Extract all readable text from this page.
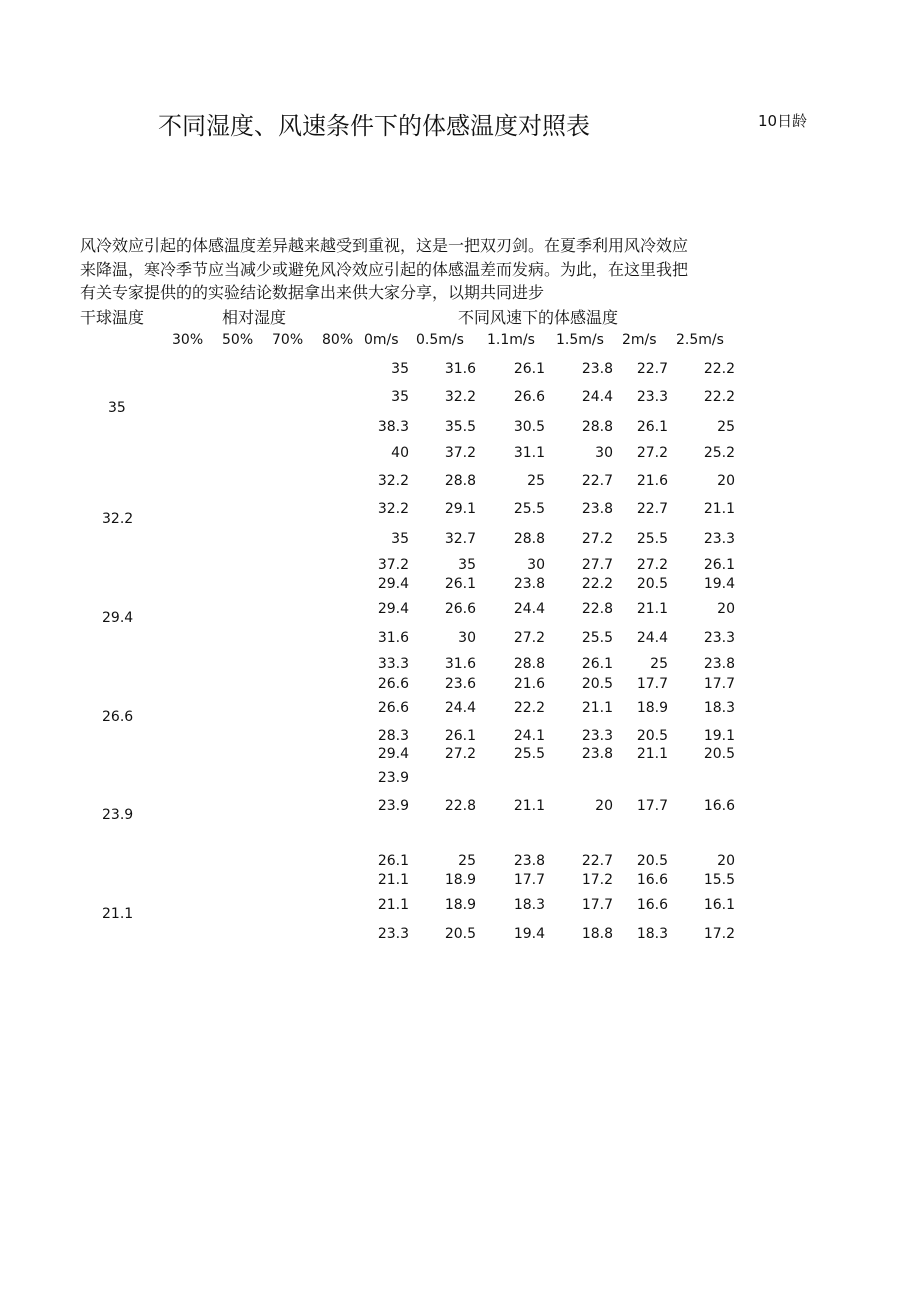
不同湿度、风速条件下的体感温度对照表	10日龄
风冷效应引起的体感温度差异越来越受到重视，这是一把双刃剑。在夏季利用风冷效应
来降温，寒冷季节应当减少或避免风冷效应引起的体感温差而发病。为此，在这里我把
有关专家提供的的实验结论数据拿出来供大家分享，以期共同进步
干球温度	相对湿度	不同风速下的体感温度
30% 50% 70% 80% 0m/s 0.5m/s 1.1m/s 1.5m/s 2m/s 2.5m/s
35
35	31.6	26.1	23.8	22.7	22.2
35	32.2	26.6	24.4	23.3	22.2
38.3	35.5	30.5	28.8	26.1	25
40	37.2	31.1	30	27.2	25.2
32.2
32.2	28.8	25	22.7	21.6	20
32.2	29.1	25.5	23.8	22.7	21.1
35	32.7	28.8	27.2	25.5	23.3
37.2	35	30	27.7	27.2	26.1
29.4
29.4	26.1	23.8	22.2	20.5	19.4
29.4	26.6	24.4	22.8	21.1	20
31.6	30	27.2	25.5	24.4	23.3
33.3	31.6	28.8	26.1	25	23.8
26.6
26.6	23.6	21.6	20.5	17.7	17.7
26.6	24.4	22.2	21.1	18.9	18.3
28.3	26.1	24.1	23.3	20.5	19.1
29.4	27.2	25.5	23.8	21.1	20.5
23.9
23.9
23.9	22.8	21.1	20	17.7	16.6
26.1	25	23.8	22.7	20.5	20
21.1
21.1	18.9	17.7	17.2	16.6	15.5
21.1	18.9	18.3	17.7	16.6	16.1
23.3	20.5	19.4	18.8	18.3	17.2
